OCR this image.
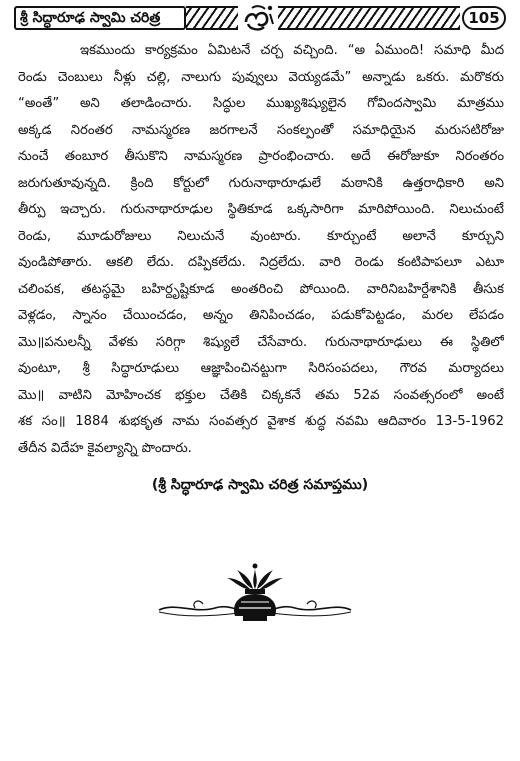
శ్రీ సిద్ధారూఢ స్వామి చరిత్ర	105
ఇకముందు కార్యక్రమం ఏమిటనే చర్చ వచ్చింది. “అ ఏముంది! సమాధి మీద
రెండు చెంబులు నీళ్లు చల్లి, నాలుగు పువ్వులు వెయ్యడమే” అన్నాడు ఒకరు. మరొకరు
“అంతే” అని తలాడించారు. సిద్ధుల ముఖ్యశిష్యులైన గోవిందస్వామి మాత్రము
అక్కడ నిరంతర నామస్మరణ జరగాలనే సంకల్పంతో సమాధియైన మరుసటిరోజు
నుంచే తంబూర తీసుకొని నామస్మరణ ప్రారంభించారు. అదే ఈరోజుకూ నిరంతరం
జరుగుతూవున్నది. క్రింది కోర్టులో గురునాథారూఢులే మఠానికి ఉత్తరాధికారి అని
తీర్పు ఇచ్చారు. గురునాథారూఢుల స్థితికూడ ఒక్కసారిగా మారిపోయింది. నిలుచుంటే
రెండు, మూడురోజులు నిలుచునే వుంటారు. కూర్చుంటే అలానే కూర్చుని
వుండిపోతారు. ఆకలి లేదు. దప్పికలేదు. నిద్రలేదు. వారి రెండు కంటిపాపలూ ఎటూ
చలింపక, తటస్థమై బహిర్దృష్టికూడ అంతరించి పోయింది. వారినిబహిర్దేశానికి తీసుక
వెళ్లడం, స్నానం చేయించడం, అన్నం తినిపించడం, పడుకోపెట్టడం, మరల లేపడం
మొ॥పనులన్నీ వేళకు సరిగ్గా శిష్యులే చేసేవారు. గురునాథారూఢులు ఈ స్థితిలో
వుంటూ, శ్రీ సిద్ధారూఢులు ఆజ్ఞాపించినట్టుగా సిరిసంపదలు, గౌరవ మర్యాదలు
మొ॥ వాటిని మోహించక భక్తుల చేతికి చిక్కకనే తమ 52వ సంవత్సరంలో అంటే
శక సం॥ 1884 శుభకృత నామ సంవత్సర వైశాక శుద్ధ నవమి ఆదివారం 13-5-1962
తేదీన విదేహ కైవల్యాన్ని పొందారు.
(శ్రీ సిద్ధారూఢ స్వామి చరిత్ర సమాప్తము)
